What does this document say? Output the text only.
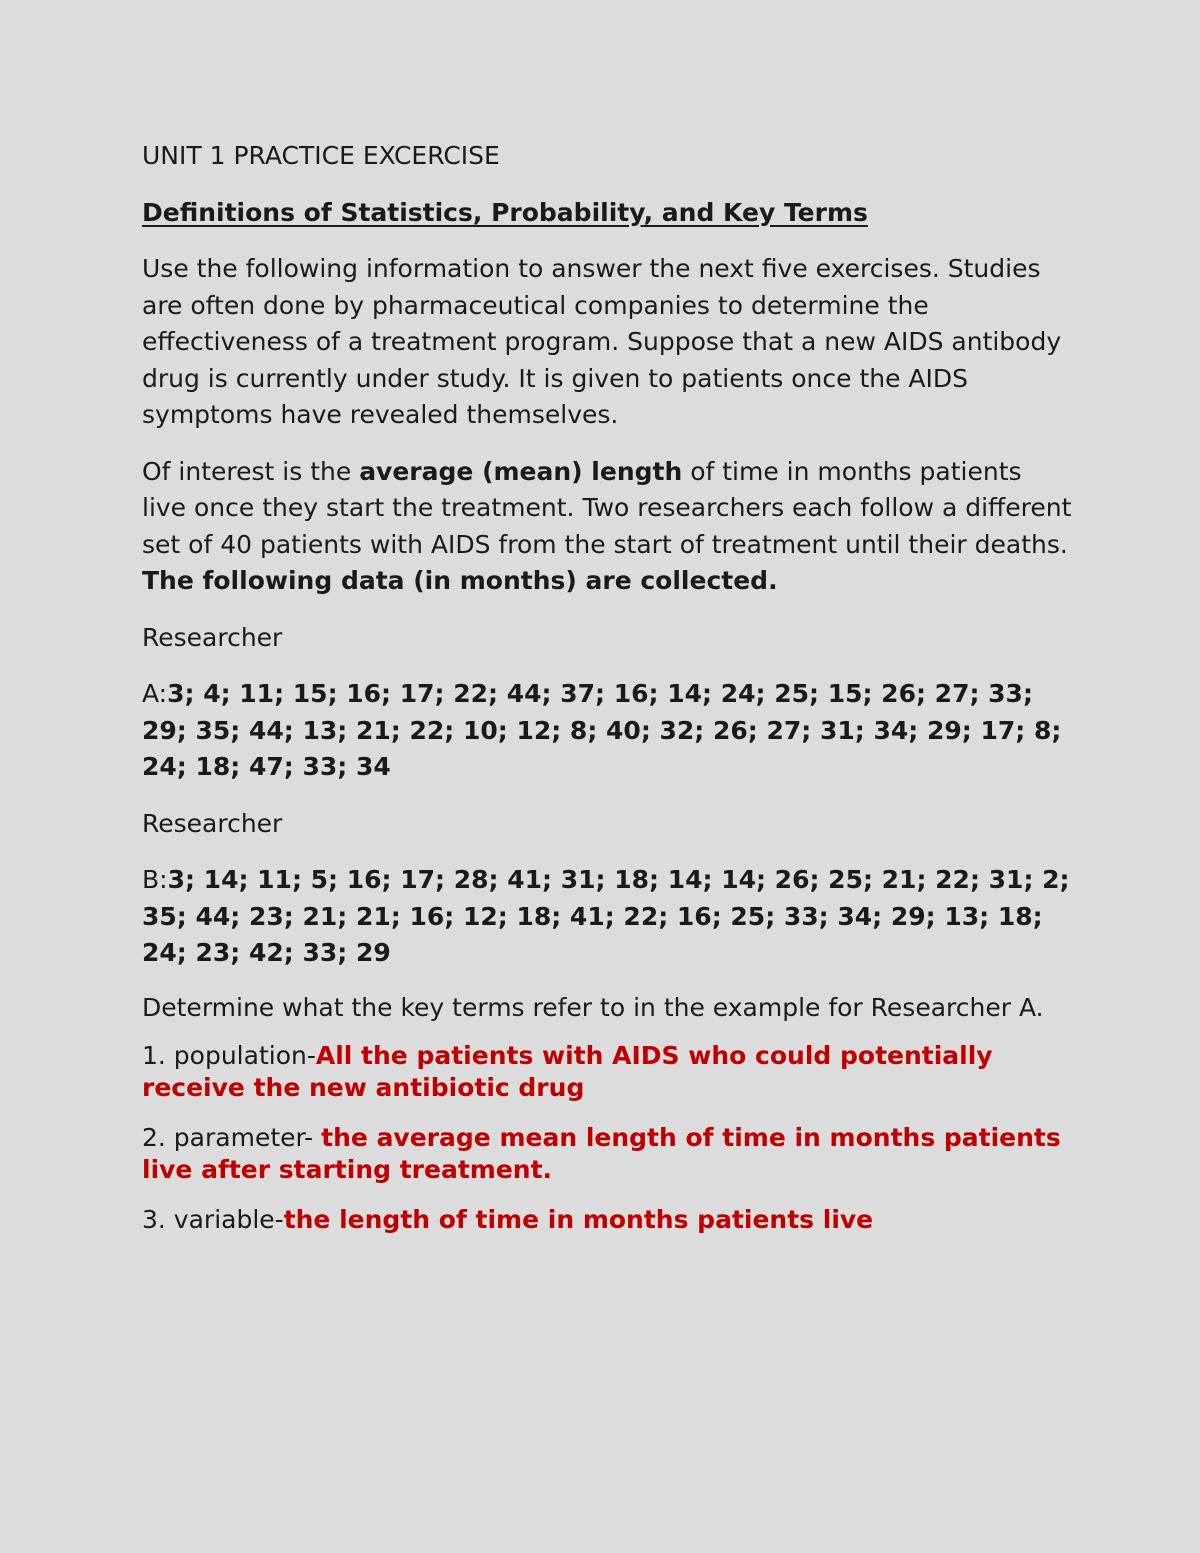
UNIT 1 PRACTICE EXCERCISE

Definitions of Statistics, Probability, and Key Terms

Use the following information to answer the next five exercises. Studies are often done by pharmaceutical companies to determine the effectiveness of a treatment program. Suppose that a new AIDS antibody drug is currently under study. It is given to patients once the AIDS symptoms have revealed themselves.

Of interest is the average (mean) length of time in months patients live once they start the treatment. Two researchers each follow a different set of 40 patients with AIDS from the start of treatment until their deaths. The following data (in months) are collected.

Researcher

A:3; 4; 11; 15; 16; 17; 22; 44; 37; 16; 14; 24; 25; 15; 26; 27; 33; 29; 35; 44; 13; 21; 22; 10; 12; 8; 40; 32; 26; 27; 31; 34; 29; 17; 8; 24; 18; 47; 33; 34

Researcher

B:3; 14; 11; 5; 16; 17; 28; 41; 31; 18; 14; 14; 26; 25; 21; 22; 31; 2; 35; 44; 23; 21; 21; 16; 12; 18; 41; 22; 16; 25; 33; 34; 29; 13; 18; 24; 23; 42; 33; 29

Determine what the key terms refer to in the example for Researcher A.

1. population-All the patients with AIDS who could potentially receive the new antibiotic drug

2. parameter- the average mean length of time in months patients live after starting treatment.

3. variable-the length of time in months patients live
